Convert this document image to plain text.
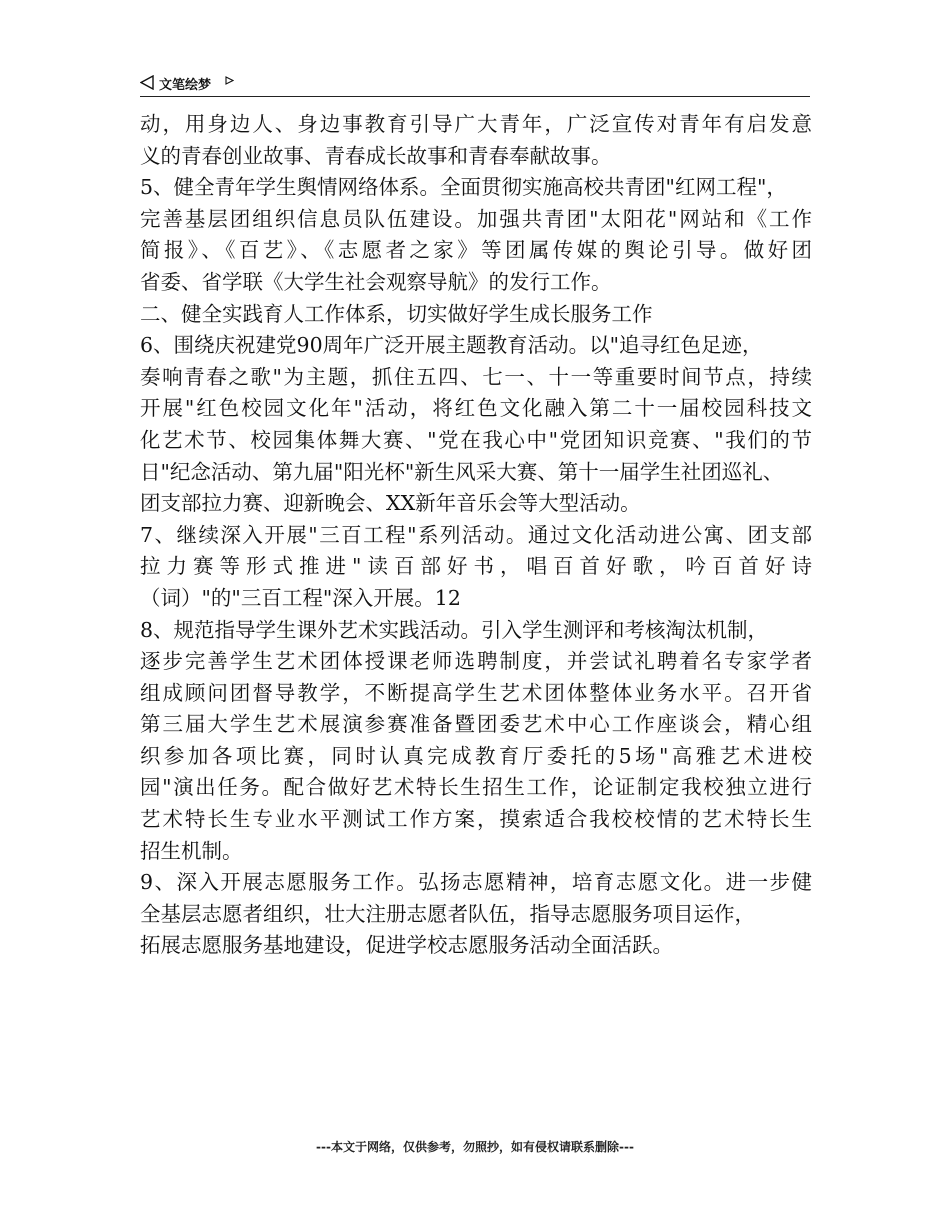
文笔绘梦
动，用身边人、身边事教育引导广大青年，广泛宣传对青年有启发意
义的青春创业故事、青春成长故事和青春奉献故事。
5、健全青年学生舆情网络体系。全面贯彻实施高校共青团"红网工程"，
完善基层团组织信息员队伍建设。加强共青团"太阳花"网站和《工作
简报》、《百艺》、《志愿者之家》等团属传媒的舆论引导。做好团
省委、省学联《大学生社会观察导航》的发行工作。
二、健全实践育人工作体系，切实做好学生成长服务工作
6、围绕庆祝建党90周年广泛开展主题教育活动。以"追寻红色足迹，
奏响青春之歌"为主题，抓住五四、七一、十一等重要时间节点，持续
开展"红色校园文化年"活动，将红色文化融入第二十一届校园科技文
化艺术节、校园集体舞大赛、"党在我心中"党团知识竞赛、"我们的节
日"纪念活动、第九届"阳光杯"新生风采大赛、第十一届学生社团巡礼、
团支部拉力赛、迎新晚会、XX新年音乐会等大型活动。
7、继续深入开展"三百工程"系列活动。通过文化活动进公寓、团支部
拉力赛等形式推进"读百部好书，唱百首好歌，吟百首好诗
（词）"的"三百工程"深入开展。12
8、规范指导学生课外艺术实践活动。引入学生测评和考核淘汰机制，
逐步完善学生艺术团体授课老师选聘制度，并尝试礼聘着名专家学者
组成顾问团督导教学，不断提高学生艺术团体整体业务水平。召开省
第三届大学生艺术展演参赛准备暨团委艺术中心工作座谈会，精心组
织参加各项比赛，同时认真完成教育厅委托的5场"高雅艺术进校
园"演出任务。配合做好艺术特长生招生工作，论证制定我校独立进行
艺术特长生专业水平测试工作方案，摸索适合我校校情的艺术特长生
招生机制。
9、深入开展志愿服务工作。弘扬志愿精神，培育志愿文化。进一步健
全基层志愿者组织，壮大注册志愿者队伍，指导志愿服务项目运作，
拓展志愿服务基地建设，促进学校志愿服务活动全面活跃。
---本文于网络，仅供参考，勿照抄，如有侵权请联系删除---
